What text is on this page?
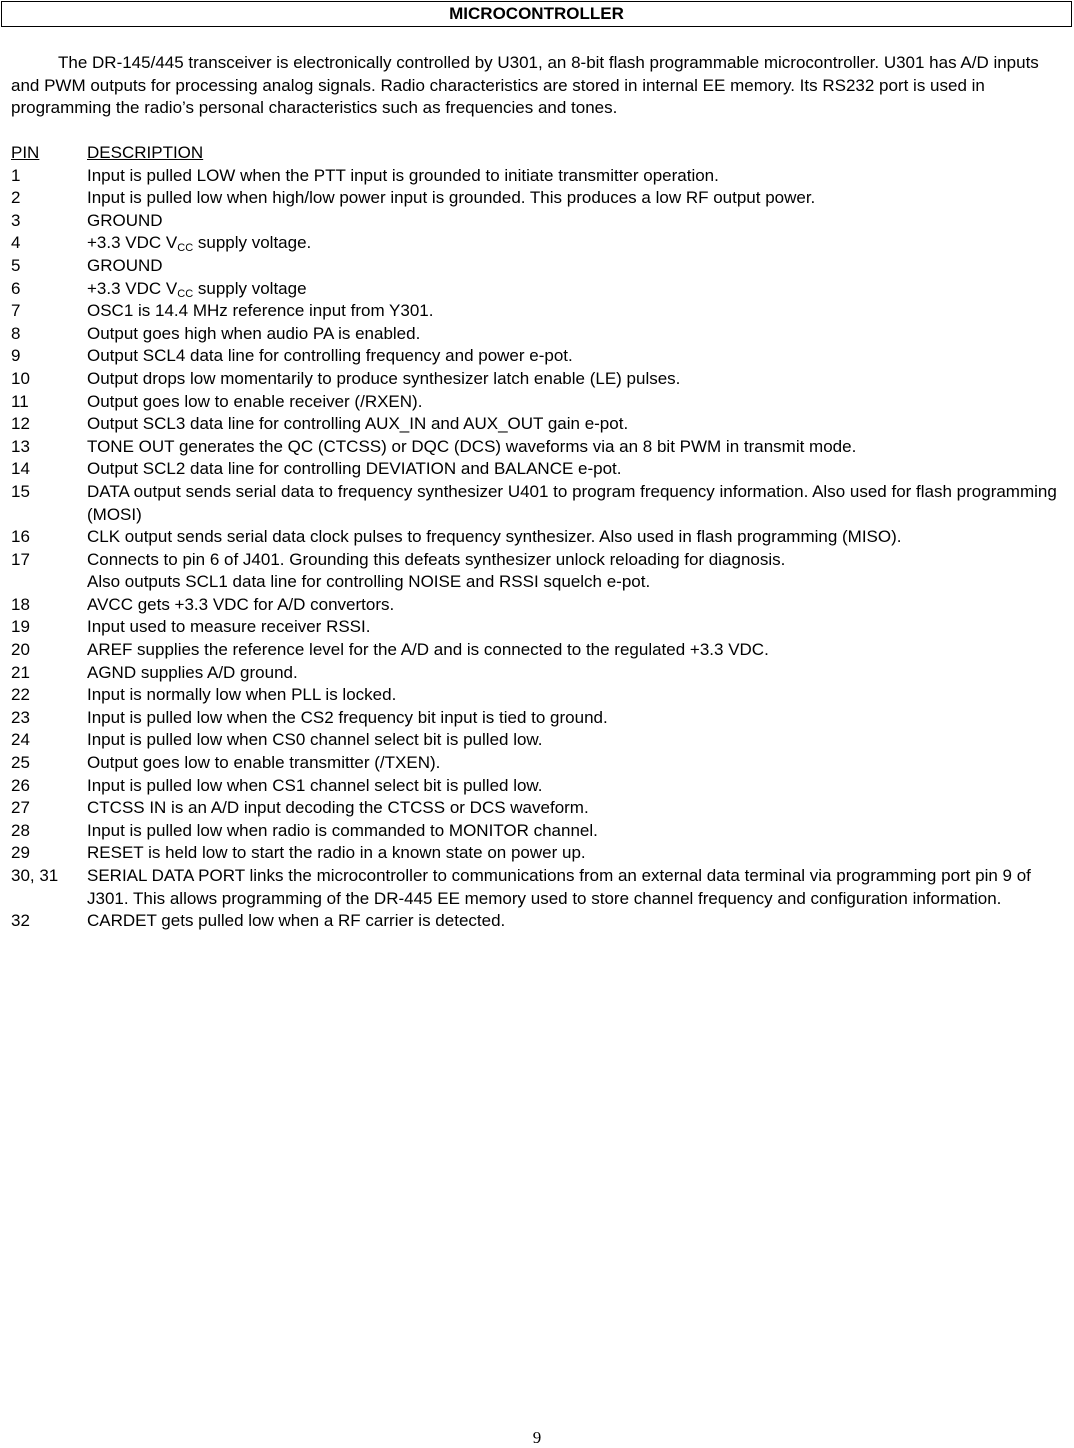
MICROCONTROLLER

The DR-145/445 transceiver is electronically controlled by U301, an 8-bit flash programmable microcontroller. U301 has A/D inputs and PWM outputs for processing analog signals. Radio characteristics are stored in internal EE memory. Its RS232 port is used in programming the radio’s personal characteristics such as frequencies and tones.

PIN	DESCRIPTION
1	Input is pulled LOW when the PTT input is grounded to initiate transmitter operation.
2	Input is pulled low when high/low power input is grounded. This produces a low RF output power.
3	GROUND
4	+3.3 VDC $V_{CC}$ supply voltage.
5	GROUND
6	+3.3 VDC $V_{CC}$ supply voltage
7	OSC1 is 14.4 MHz reference input from Y301.
8	Output goes high when audio PA is enabled.
9	Output SCL4 data line for controlling frequency and power e-pot.
10	Output drops low momentarily to produce synthesizer latch enable (LE) pulses.
11	Output goes low to enable receiver (/RXEN).
12	Output SCL3 data line for controlling AUX_IN and AUX_OUT gain e-pot.
13	TONE OUT generates the QC (CTCSS) or DQC (DCS) waveforms via an 8 bit PWM in transmit mode.
14	Output SCL2 data line for controlling DEVIATION and BALANCE e-pot.
15	DATA output sends serial data to frequency synthesizer U401 to program frequency information. Also used for flash programming (MOSI)
16	CLK output sends serial data clock pulses to frequency synthesizer. Also used in flash programming (MISO).
17	Connects to pin 6 of J401. Grounding this defeats synthesizer unlock reloading for diagnosis.
Also outputs SCL1 data line for controlling NOISE and RSSI squelch e-pot.
18	AVCC gets +3.3 VDC for A/D convertors.
19	Input used to measure receiver RSSI.
20	AREF supplies the reference level for the A/D and is connected to the regulated +3.3 VDC.
21	AGND supplies A/D ground.
22	Input is normally low when PLL is locked.
23	Input is pulled low when the CS2 frequency bit input is tied to ground.
24	Input is pulled low when CS0 channel select bit is pulled low.
25	Output goes low to enable transmitter (/TXEN).
26	Input is pulled low when CS1 channel select bit is pulled low.
27	CTCSS IN is an A/D input decoding the CTCSS or DCS waveform.
28	Input is pulled low when radio is commanded to MONITOR channel.
29	RESET is held low to start the radio in a known state on power up.
30, 31	SERIAL DATA PORT links the microcontroller to communications from an external data terminal via programming port pin 9 of J301. This allows programming of the DR-445 EE memory used to store channel frequency and configuration information.
32	CARDET gets pulled low when a RF carrier is detected.
9
